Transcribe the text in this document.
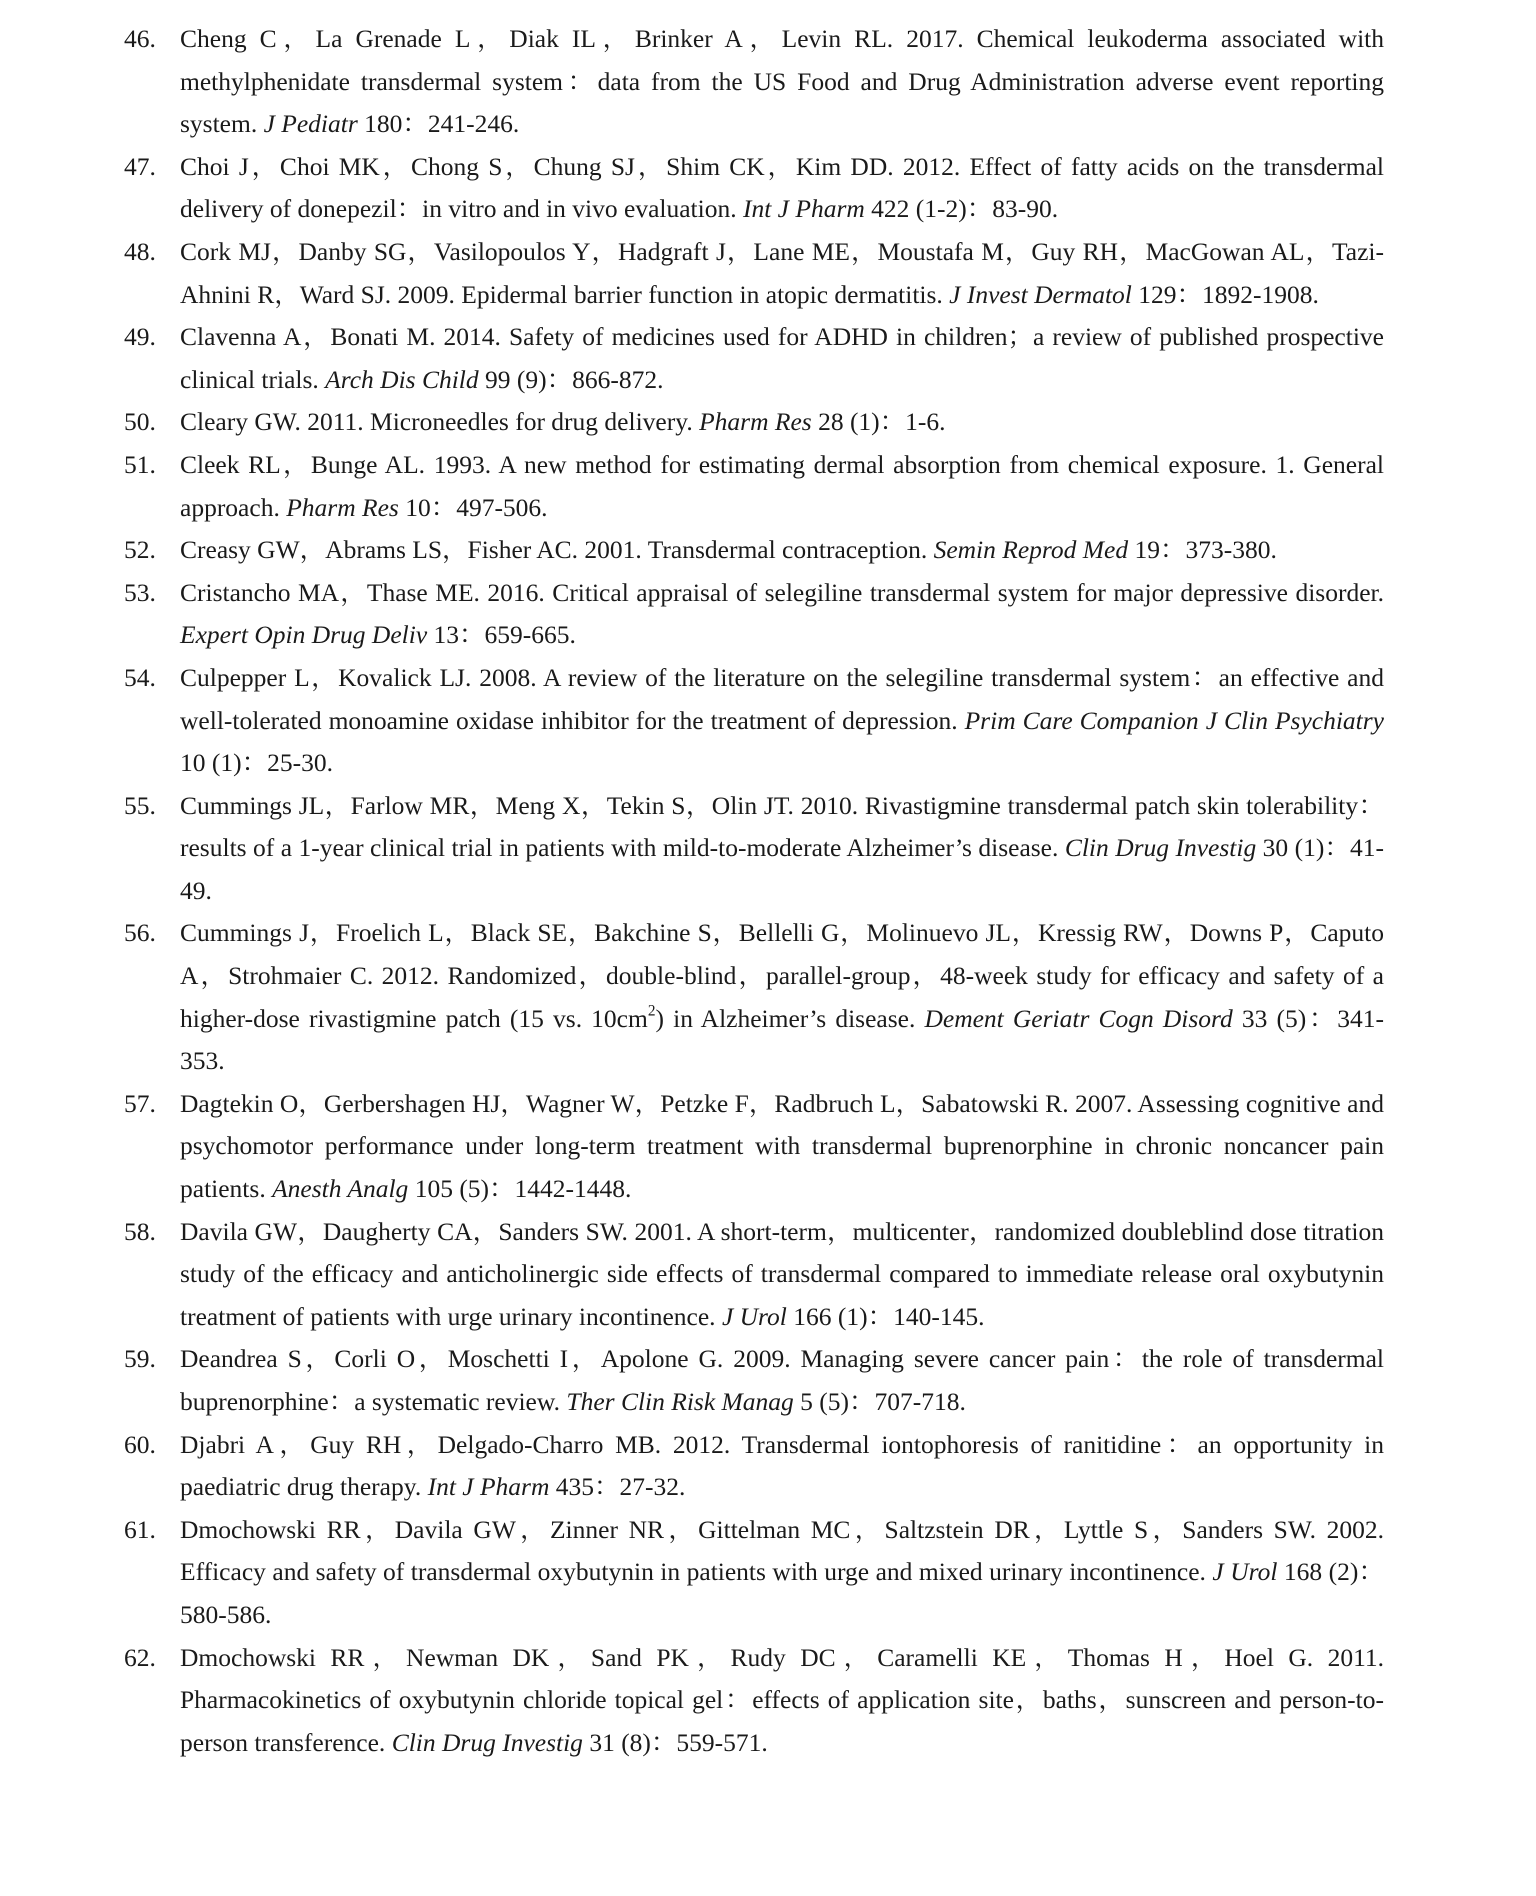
46. Cheng C，La Grenade L，Diak IL，Brinker A，Levin RL. 2017. Chemical leukoderma associated with methylphenidate transdermal system：data from the US Food and Drug Administration adverse event reporting system. J Pediatr 180：241-246.
47. Choi J，Choi MK，Chong S，Chung SJ，Shim CK，Kim DD. 2012. Effect of fatty acids on the transdermal delivery of donepezil：in vitro and in vivo evaluation. Int J Pharm 422 (1-2)：83-90.
48. Cork MJ，Danby SG，Vasilopoulos Y，Hadgraft J，Lane ME，Moustafa M，Guy RH，MacGowan AL，Tazi-Ahnini R，Ward SJ. 2009. Epidermal barrier function in atopic dermatitis. J Invest Dermatol 129：1892-1908.
49. Clavenna A，Bonati M. 2014. Safety of medicines used for ADHD in children；a review of published prospective clinical trials. Arch Dis Child 99 (9)：866-872.
50. Cleary GW. 2011. Microneedles for drug delivery. Pharm Res 28 (1)：1-6.
51. Cleek RL，Bunge AL. 1993. A new method for estimating dermal absorption from chemical exposure. 1. General approach. Pharm Res 10：497-506.
52. Creasy GW，Abrams LS，Fisher AC. 2001. Transdermal contraception. Semin Reprod Med 19：373-380.
53. Cristancho MA，Thase ME. 2016. Critical appraisal of selegiline transdermal system for major depressive disorder. Expert Opin Drug Deliv 13：659-665.
54. Culpepper L，Kovalick LJ. 2008. A review of the literature on the selegiline transdermal system：an effective and well-tolerated monoamine oxidase inhibitor for the treatment of depression. Prim Care Companion J Clin Psychiatry 10 (1)：25-30.
55. Cummings JL，Farlow MR，Meng X，Tekin S，Olin JT. 2010. Rivastigmine transdermal patch skin tolerability：results of a 1-year clinical trial in patients with mild-to-moderate Alzheimer’s disease. Clin Drug Investig 30 (1)：41-49.
56. Cummings J，Froelich L，Black SE，Bakchine S，Bellelli G，Molinuevo JL，Kressig RW，Downs P，Caputo A，Strohmaier C. 2012. Randomized，double-blind，parallel-group，48-week study for efficacy and safety of a higher-dose rivastigmine patch (15 vs. $10cm^2$) in Alzheimer’s disease. Dement Geriatr Cogn Disord 33 (5)：341-353.
57. Dagtekin O，Gerbershagen HJ，Wagner W，Petzke F，Radbruch L，Sabatowski R. 2007. Assessing cognitive and psychomotor performance under long-term treatment with transdermal buprenorphine in chronic noncancer pain patients. Anesth Analg 105 (5)：1442-1448.
58. Davila GW，Daugherty CA，Sanders SW. 2001. A short-term，multicenter，randomized doubleblind dose titration study of the efficacy and anticholinergic side effects of transdermal compared to immediate release oral oxybutynin treatment of patients with urge urinary incontinence. J Urol 166 (1)：140-145.
59. Deandrea S，Corli O，Moschetti I，Apolone G. 2009. Managing severe cancer pain：the role of transdermal buprenorphine：a systematic review. Ther Clin Risk Manag 5 (5)：707-718.
60. Djabri A，Guy RH，Delgado-Charro MB. 2012. Transdermal iontophoresis of ranitidine：an opportunity in paediatric drug therapy. Int J Pharm 435：27-32.
61. Dmochowski RR，Davila GW，Zinner NR，Gittelman MC，Saltzstein DR，Lyttle S，Sanders SW. 2002. Efficacy and safety of transdermal oxybutynin in patients with urge and mixed urinary incontinence. J Urol 168 (2)：580-586.
62. Dmochowski RR，Newman DK，Sand PK，Rudy DC，Caramelli KE，Thomas H，Hoel G. 2011. Pharmacokinetics of oxybutynin chloride topical gel：effects of application site，baths，sunscreen and person-to-person transference. Clin Drug Investig 31 (8)：559-571.
